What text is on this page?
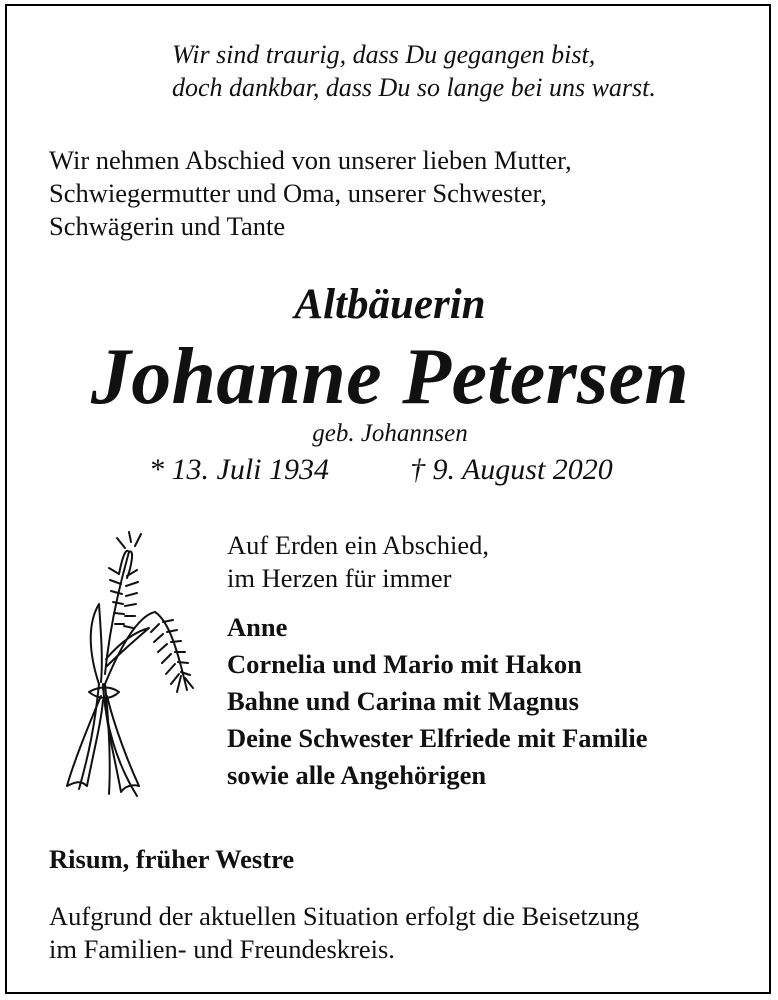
Wir sind traurig, dass Du gegangen bist,

doch dankbar, dass Du so lange bei uns warst.

Wir nehmen Abschied von unserer lieben Mutter,

Schwiegermutter und Oma, unserer Schwester,

Schwägerin und Tante

Altbäuerin

Johanne Petersen

geb. Johannsen

* 13. Juli 1934	† 9. August 2020

Auf Erden ein Abschied,

im Herzen für immer

Anne

Cornelia und Mario mit Hakon

Bahne und Carina mit Magnus

Deine Schwester Elfriede mit Familie

sowie alle Angehörigen

Risum, früher Westre

Aufgrund der aktuellen Situation erfolgt die Beisetzung

im Familien- und Freundeskreis.
